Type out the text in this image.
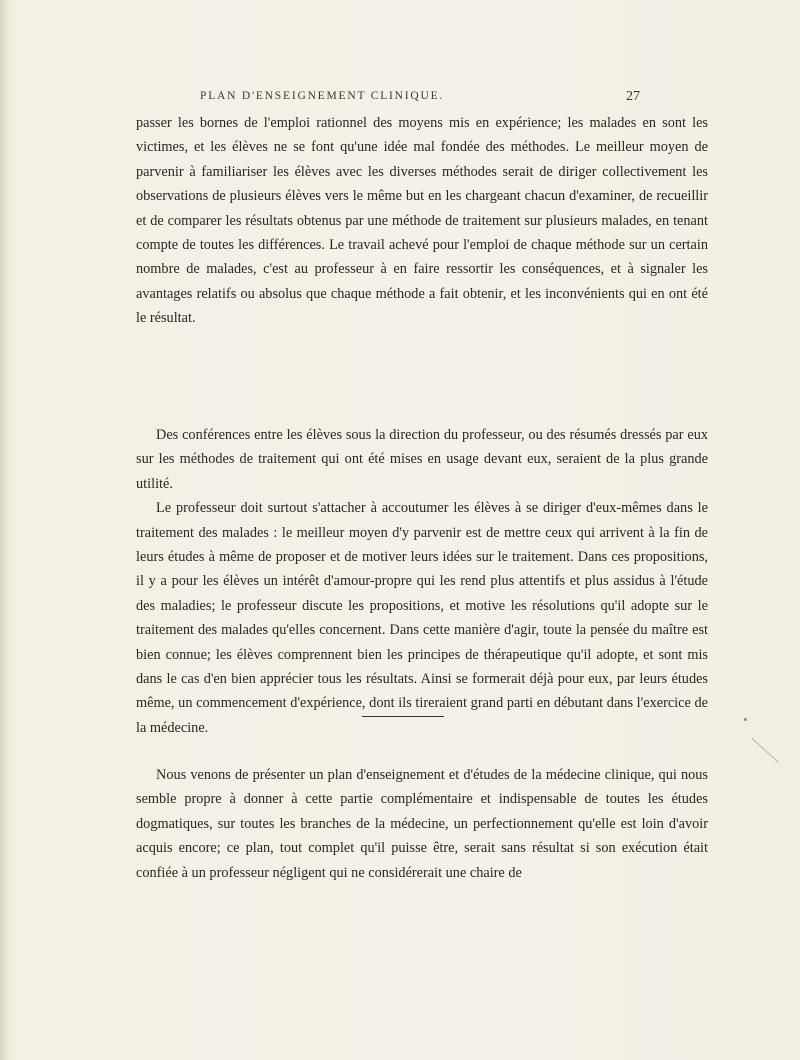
PLAN D'ENSEIGNEMENT CLINIQUE.	27

passer les bornes de l'emploi rationnel des moyens mis en expérience; les malades en sont les victimes, et les élèves ne se font qu'une idée mal fondée des méthodes. Le meilleur moyen de parvenir à familiariser les élèves avec les diverses méthodes serait de diriger collectivement les observations de plusieurs élèves vers le même but en les chargeant chacun d'examiner, de recueillir et de comparer les résultats obtenus par une méthode de traitement sur plusieurs malades, en tenant compte de toutes les différences. Le travail achevé pour l'emploi de chaque méthode sur un certain nombre de malades, c'est au professeur à en faire ressortir les conséquences, et à signaler les avantages relatifs ou absolus que chaque méthode a fait obtenir, et les inconvénients qui en ont été le résultat.

Des conférences entre les élèves sous la direction du professeur, ou des résumés dressés par eux sur les méthodes de traitement qui ont été mises en usage devant eux, seraient de la plus grande utilité.

Le professeur doit surtout s'attacher à accoutumer les élèves à se diriger d'eux-mêmes dans le traitement des malades : le meilleur moyen d'y parvenir est de mettre ceux qui arrivent à la fin de leurs études à même de proposer et de motiver leurs idées sur le traitement. Dans ces propositions, il y a pour les élèves un intérêt d'amour-propre qui les rend plus attentifs et plus assidus à l'étude des maladies; le professeur discute les propositions, et motive les résolutions qu'il adopte sur le traitement des malades qu'elles concernent. Dans cette manière d'agir, toute la pensée du maître est bien connue; les élèves comprennent bien les principes de thérapeutique qu'il adopte, et sont mis dans le cas d'en bien apprécier tous les résultats. Ainsi se formerait déjà pour eux, par leurs études même, un commencement d'expérience, dont ils tireraient grand parti en débutant dans l'exercice de la médecine.

Nous venons de présenter un plan d'enseignement et d'études de la médecine clinique, qui nous semble propre à donner à cette partie complémentaire et indispensable de toutes les études dogmatiques, sur toutes les branches de la médecine, un perfectionnement qu'elle est loin d'avoir acquis encore; ce plan, tout complet qu'il puisse être, serait sans résultat si son exécution était confiée à un professeur négligent qui ne considérerait une chaire de
